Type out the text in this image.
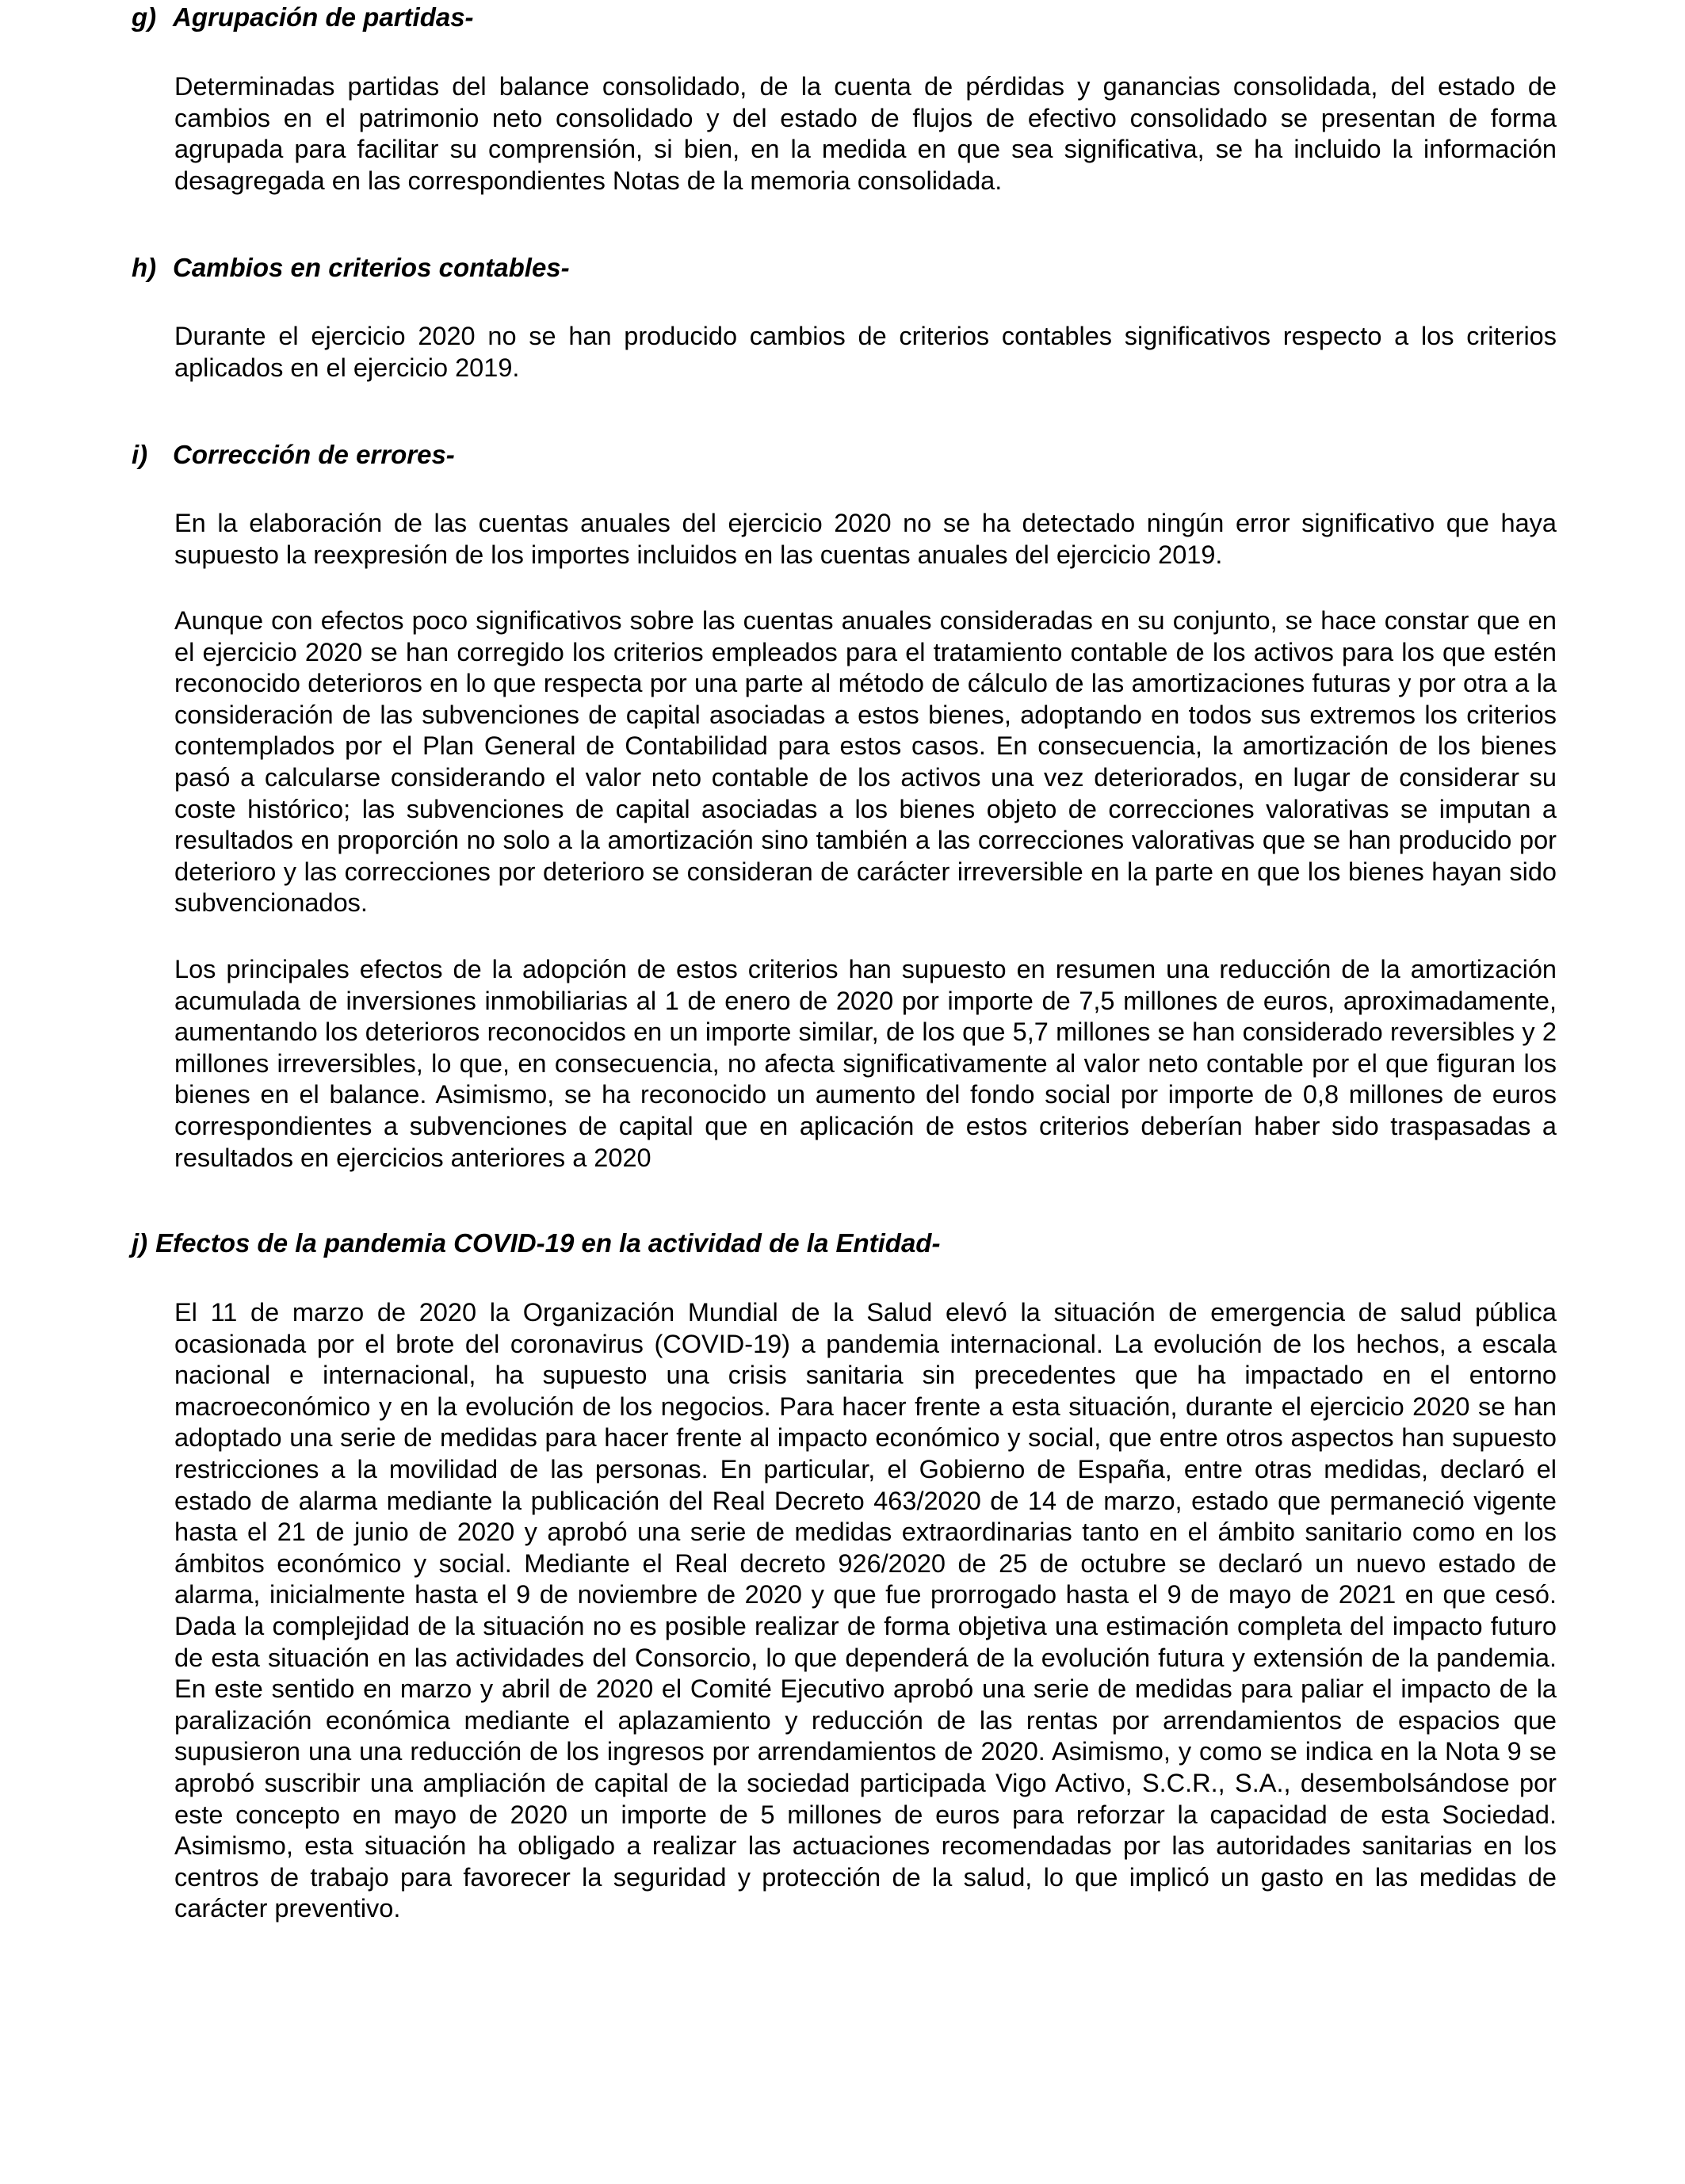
g) Agrupación de partidas-
Determinadas partidas del balance consolidado, de la cuenta de pérdidas y ganancias consolidada, del estado de cambios en el patrimonio neto consolidado y del estado de flujos de efectivo consolidado se presentan de forma agrupada para facilitar su comprensión, si bien, en la medida en que sea significativa, se ha incluido la información desagregada en las correspondientes Notas de la memoria consolidada.
h) Cambios en criterios contables-
Durante el ejercicio 2020 no se han producido cambios de criterios contables significativos respecto a los criterios aplicados en el ejercicio 2019.
i) Corrección de errores-
En la elaboración de las cuentas anuales del ejercicio 2020 no se ha detectado ningún error significativo que haya supuesto la reexpresión de los importes incluidos en las cuentas anuales del ejercicio 2019.
Aunque con efectos poco significativos sobre las cuentas anuales consideradas en su conjunto, se hace constar que en el ejercicio 2020 se han corregido los criterios empleados para el tratamiento contable de los activos para los que estén reconocido deterioros en lo que respecta por una parte al método de cálculo de las amortizaciones futuras y por otra a la consideración de las subvenciones de capital asociadas a estos bienes, adoptando en todos sus extremos los criterios contemplados por el Plan General de Contabilidad para estos casos. En consecuencia, la amortización de los bienes pasó a calcularse considerando el valor neto contable de los activos una vez deteriorados, en lugar de considerar su coste histórico; las subvenciones de capital asociadas a los bienes objeto de correcciones valorativas se imputan a resultados en proporción no solo a la amortización sino también a las correcciones valorativas que se han producido por deterioro y las correcciones por deterioro se consideran de carácter irreversible en la parte en que los bienes hayan sido subvencionados.
Los principales efectos de la adopción de estos criterios han supuesto en resumen una reducción de la amortización acumulada de inversiones inmobiliarias al 1 de enero de 2020 por importe de 7,5 millones de euros, aproximadamente, aumentando los deterioros reconocidos en un importe similar, de los que 5,7 millones se han considerado reversibles y 2 millones irreversibles, lo que, en consecuencia, no afecta significativamente al valor neto contable por el que figuran los bienes en el balance. Asimismo, se ha reconocido un aumento del fondo social por importe de 0,8 millones de euros correspondientes a subvenciones de capital que en aplicación de estos criterios deberían haber sido traspasadas a resultados en ejercicios anteriores a 2020
j) Efectos de la pandemia COVID-19 en la actividad de la Entidad-
El 11 de marzo de 2020 la Organización Mundial de la Salud elevó la situación de emergencia de salud pública ocasionada por el brote del coronavirus (COVID-19) a pandemia internacional. La evolución de los hechos, a escala nacional e internacional, ha supuesto una crisis sanitaria sin precedentes que ha impactado en el entorno macroeconómico y en la evolución de los negocios. Para hacer frente a esta situación, durante el ejercicio 2020 se han adoptado una serie de medidas para hacer frente al impacto económico y social, que entre otros aspectos han supuesto restricciones a la movilidad de las personas. En particular, el Gobierno de España, entre otras medidas, declaró el estado de alarma mediante la publicación del Real Decreto 463/2020 de 14 de marzo, estado que permaneció vigente hasta el 21 de junio de 2020 y aprobó una serie de medidas extraordinarias tanto en el ámbito sanitario como en los ámbitos económico y social. Mediante el Real decreto 926/2020 de 25 de octubre se declaró un nuevo estado de alarma, inicialmente hasta el 9 de noviembre de 2020 y que fue prorrogado hasta el 9 de mayo de 2021 en que cesó. Dada la complejidad de la situación no es posible realizar de forma objetiva una estimación completa del impacto futuro de esta situación en las actividades del Consorcio, lo que dependerá de la evolución futura y extensión de la pandemia. En este sentido en marzo y abril de 2020 el Comité Ejecutivo aprobó una serie de medidas para paliar el impacto de la paralización económica mediante el aplazamiento y reducción de las rentas por arrendamientos de espacios que supusieron una una reducción de los ingresos por arrendamientos de 2020. Asimismo, y como se indica en la Nota 9 se aprobó suscribir una ampliación de capital de la sociedad participada Vigo Activo, S.C.R., S.A., desembolsándose por este concepto en mayo de 2020 un importe de 5 millones de euros para reforzar la capacidad de esta Sociedad. Asimismo, esta situación ha obligado a realizar las actuaciones recomendadas por las autoridades sanitarias en los centros de trabajo para favorecer la seguridad y protección de la salud, lo que implicó un gasto en las medidas de carácter preventivo.
